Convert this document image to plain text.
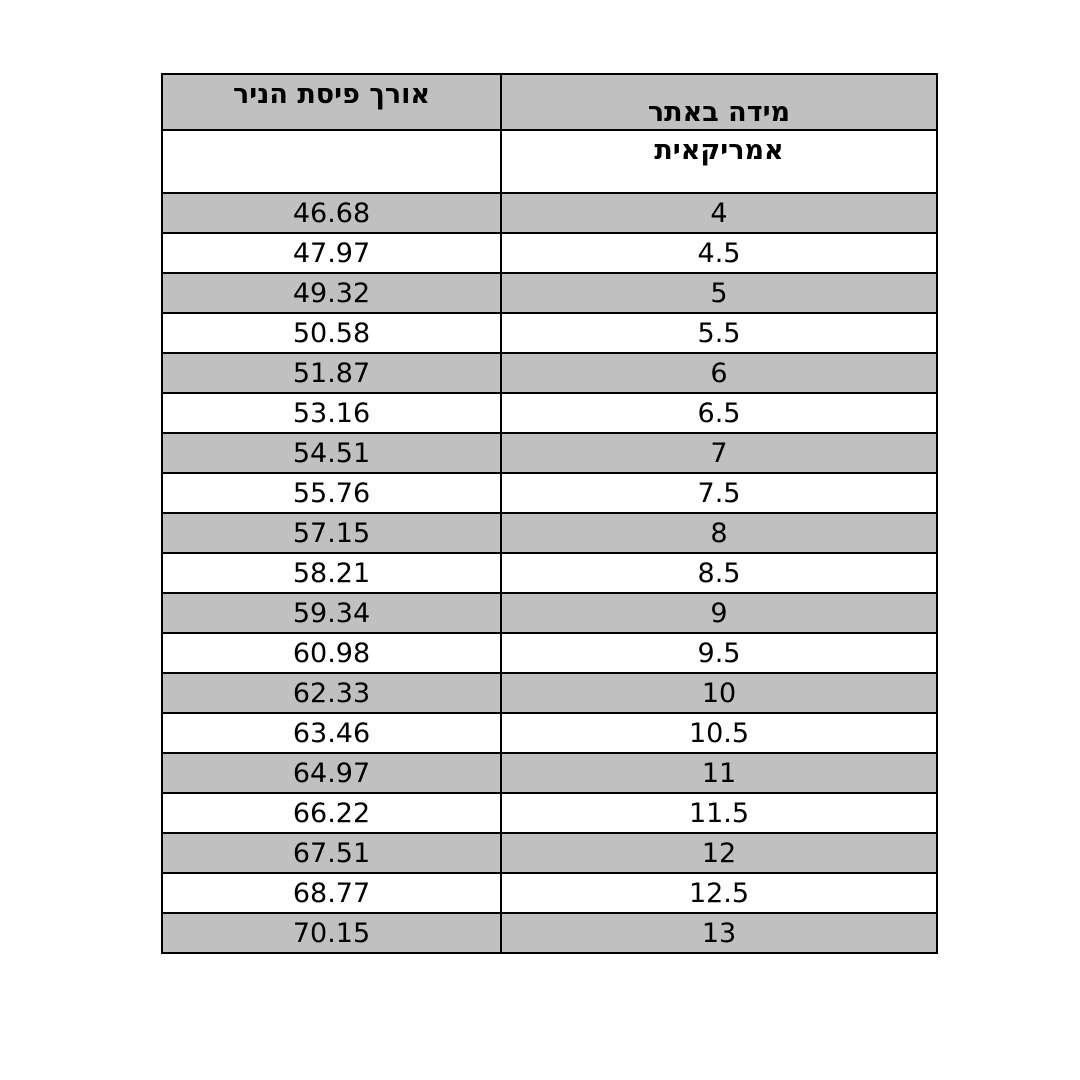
אורך פיסת הניר	מידה באתר
	אמריקאית
46.68	4
47.97	4.5
49.32	5
50.58	5.5
51.87	6
53.16	6.5
54.51	7
55.76	7.5
57.15	8
58.21	8.5
59.34	9
60.98	9.5
62.33	10
63.46	10.5
64.97	11
66.22	11.5
67.51	12
68.77	12.5
70.15	13
